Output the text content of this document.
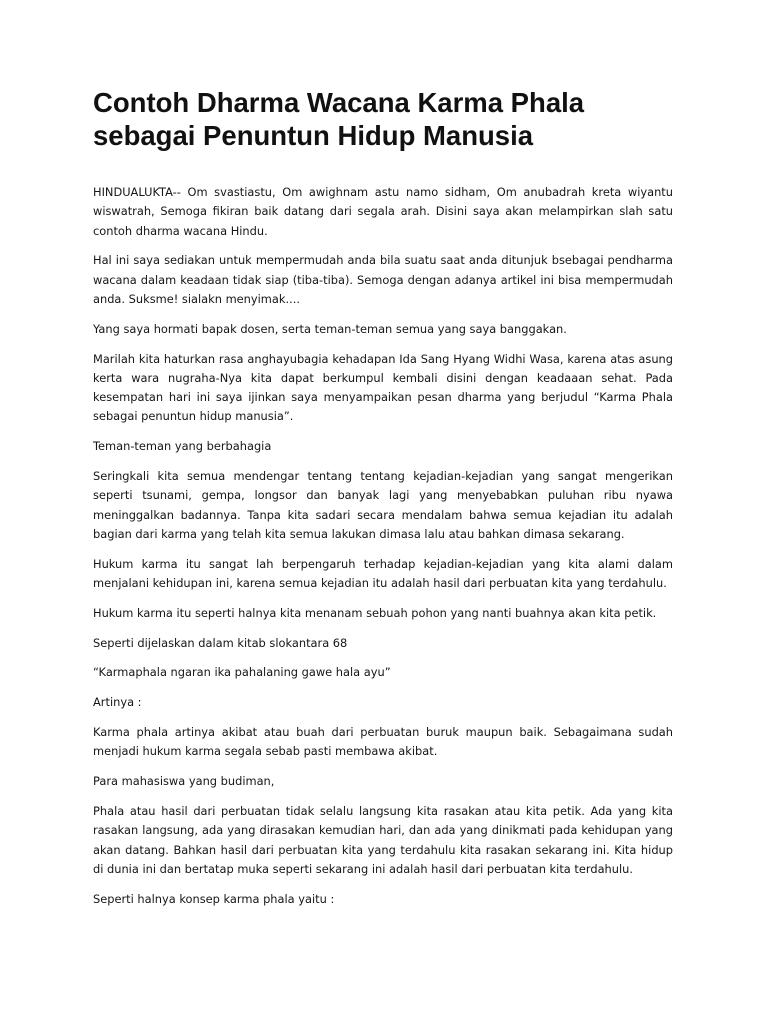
Contoh Dharma Wacana Karma Phala
sebagai Penuntun Hidup Manusia

HINDUALUKTA-- Om svastiastu, Om awighnam astu namo sidham, Om anubadrah kreta wiyantu wiswatrah, Semoga fikiran baik datang dari segala arah. Disini saya akan melampirkan slah satu contoh dharma wacana Hindu.

Hal ini saya sediakan untuk mempermudah anda bila suatu saat anda ditunjuk bsebagai pendharma wacana dalam keadaan tidak siap (tiba-tiba). Semoga dengan adanya artikel ini bisa mempermudah anda. Suksme! sialakn menyimak....

Yang saya hormati bapak dosen, serta teman-teman semua yang saya banggakan.

Marilah kita haturkan rasa anghayubagia kehadapan Ida Sang Hyang Widhi Wasa, karena atas asung kerta wara nugraha-Nya kita dapat berkumpul kembali disini dengan keadaaan sehat. Pada kesempatan hari ini saya ijinkan saya menyampaikan pesan dharma yang berjudul “Karma Phala sebagai penuntun hidup manusia”.

Teman-teman yang berbahagia

Seringkali kita semua mendengar tentang tentang kejadian-kejadian yang sangat mengerikan seperti tsunami, gempa, longsor dan banyak lagi yang menyebabkan puluhan ribu nyawa meninggalkan badannya. Tanpa kita sadari secara mendalam bahwa semua kejadian itu adalah bagian dari karma yang telah kita semua lakukan dimasa lalu atau bahkan dimasa sekarang.

Hukum karma itu sangat lah berpengaruh terhadap kejadian-kejadian yang kita alami dalam menjalani kehidupan ini, karena semua kejadian itu adalah hasil dari perbuatan kita yang terdahulu.

Hukum karma itu seperti halnya kita menanam sebuah pohon yang nanti buahnya akan kita petik.

Seperti dijelaskan dalam kitab slokantara 68

“Karmaphala ngaran ika pahalaning gawe hala ayu”

Artinya :

Karma phala artinya akibat atau buah dari perbuatan buruk maupun baik. Sebagaimana sudah menjadi hukum karma segala sebab pasti membawa akibat.

Para mahasiswa yang budiman,

Phala atau hasil dari perbuatan tidak selalu langsung kita rasakan atau kita petik. Ada yang kita rasakan langsung, ada yang dirasakan kemudian hari, dan ada yang dinikmati pada kehidupan yang akan datang. Bahkan hasil dari perbuatan kita yang terdahulu kita rasakan sekarang ini. Kita hidup di dunia ini dan bertatap muka seperti sekarang ini adalah hasil dari perbuatan kita terdahulu.

Seperti halnya konsep karma phala yaitu :
